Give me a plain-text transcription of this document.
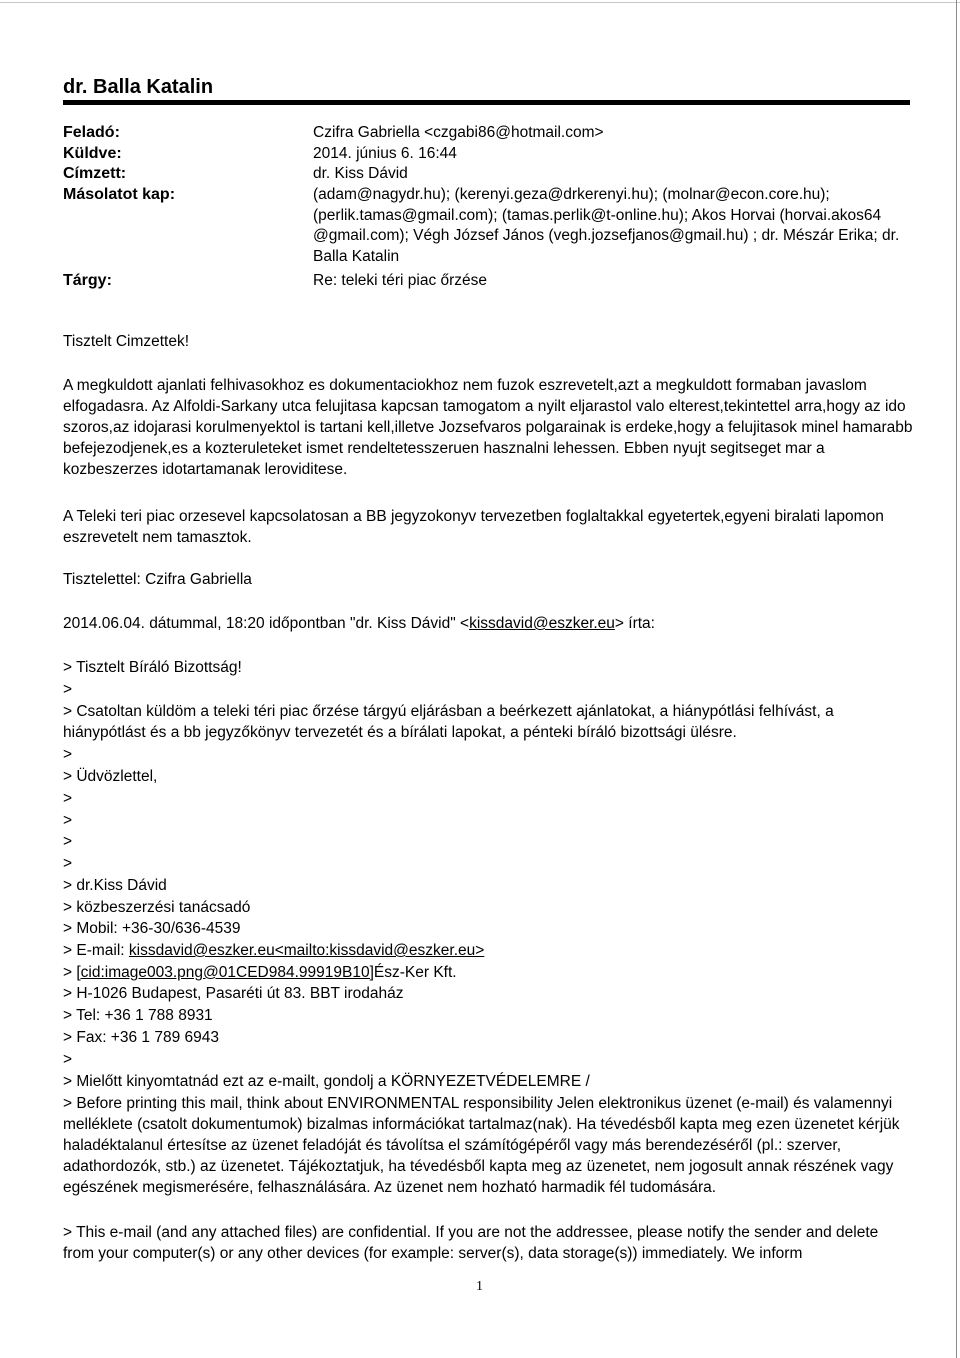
dr. Balla Katalin
Feladó:
Küldve:
Címzett:
Másolatot kap:
Tárgy:
Czifra Gabriella <czgabi86@hotmail.com>
2014. június 6. 16:44
dr. Kiss Dávid
(adam@nagydr.hu); (kerenyi.geza@drkerenyi.hu); (molnar@econ.core.hu);
(perlik.tamas@gmail.com); (tamas.perlik@t-online.hu); Akos Horvai (horvai.akos64
@gmail.com); Végh József János (vegh.jozsefjanos@gmail.hu) ; dr. Mészár Erika; dr.
Balla Katalin
Re: teleki téri piac őrzése
Tisztelt Cimzettek!

A megkuldott ajanlati felhivasokhoz es dokumentaciokhoz nem fuzok eszrevetelt,azt a megkuldott formaban javaslom elfogadasra. Az Alfoldi-Sarkany utca felujitasa kapcsan tamogatom a nyilt eljarastol valo elterest,tekintettel arra,hogy az ido szoros,az idojarasi korulmenyektol is tartani kell,illetve Jozsefvaros polgarainak is erdeke,hogy a felujitasok minel hamarabb befejezodjenek,es a kozteruleteket ismet rendeltetesszeruen hasznalni lehessen. Ebben nyujt segitseget mar a kozbeszerzes idotartamanak leroviditese.

A Teleki teri piac orzesevel kapcsolatosan a BB jegyzokonyv tervezetben foglaltakkal egyetertek,egyeni biralati lapomon eszrevetelt nem tamasztok.

Tisztelettel: Czifra Gabriella
2014.06.04. dátummal, 18:20 időpontban "dr. Kiss Dávid" <kissdavid@eszker.eu> írta:
> Tisztelt Bíráló Bizottság!
>

> Csatoltan küldöm a teleki téri piac őrzése tárgyú eljárásban a beérkezett ajánlatokat, a hiánypótlási felhívást, a hiánypótlást és a bb jegyzőkönyv tervezetét és a bírálati lapokat, a pénteki bíráló bizottsági ülésre.

>
> Üdvözlettel,
>
>
>
>
> dr.Kiss Dávid
> közbeszerzési tanácsadó
> Mobil: +36-30/636-4539
> E-mail: kissdavid@eszker.eu<mailto:kissdavid@eszker.eu>
> [cid:image003.png@01CED984.99919B10]Ész-Ker Kft.
> H-1026 Budapest, Pasaréti út 83. BBT irodaház
> Tel: +36 1 788 8931
> Fax: +36 1 789 6943
>
> Mielőtt kinyomtatnád ezt az e-mailt, gondolj a KÖRNYEZETVÉDELEMRE /

> Before printing this mail, think about ENVIRONMENTAL responsibility Jelen elektronikus üzenet (e-mail) és valamennyi melléklete (csatolt dokumentumok) bizalmas információkat tartalmaz(nak). Ha tévedésből kapta meg ezen üzenetet kérjük haladéktalanul értesítse az üzenet feladóját és távolítsa el számítógépéről vagy más berendezéséről (pl.: szerver, adathordozók, stb.) az üzenetet. Tájékoztatjuk, ha tévedésből kapta meg az üzenetet, nem jogosult annak részének vagy egészének megismerésére, felhasználására. Az üzenet nem hozható harmadik fél tudomására.

> This e-mail (and any attached files) are confidential. If you are not the addressee, please notify the sender and delete from your computer(s) or any other devices (for example: server(s), data storage(s)) immediately. We inform

1
